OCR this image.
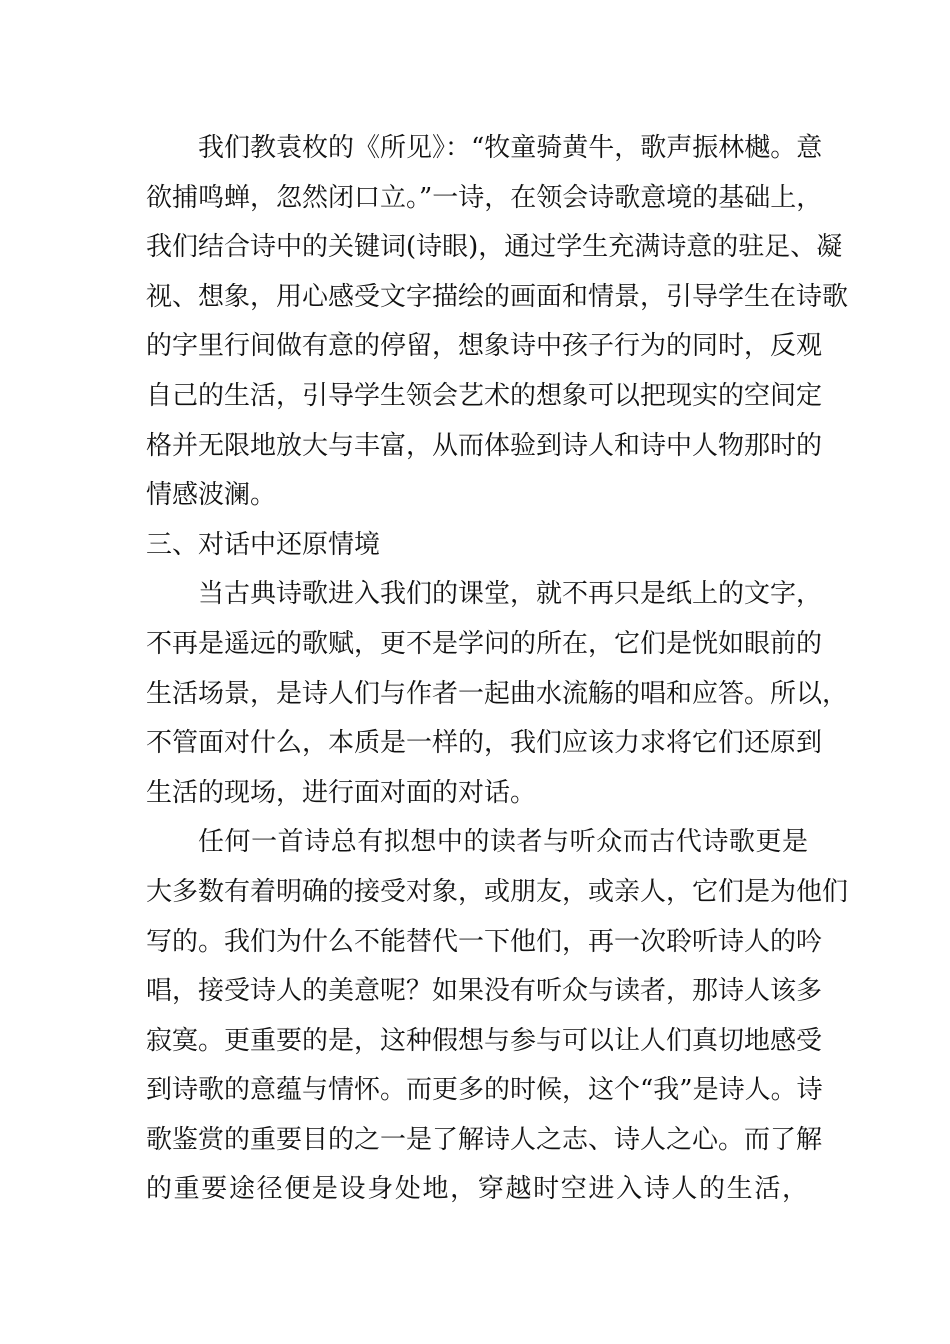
我们教袁枚的《所见》：“牧童骑黄牛，歌声振林樾。意
欲捕鸣蝉，忽然闭口立。”一诗，在领会诗歌意境的基础上，
我们结合诗中的关键词(诗眼)，通过学生充满诗意的驻足、凝
视、想象，用心感受文字描绘的画面和情景，引导学生在诗歌
的字里行间做有意的停留，想象诗中孩子行为的同时，反观
自己的生活，引导学生领会艺术的想象可以把现实的空间定
格并无限地放大与丰富，从而体验到诗人和诗中人物那时的
情感波澜。
三、对话中还原情境
当古典诗歌进入我们的课堂，就不再只是纸上的文字，
不再是遥远的歌赋，更不是学问的所在，它们是恍如眼前的
生活场景，是诗人们与作者一起曲水流觞的唱和应答。所以，
不管面对什么，本质是一样的，我们应该力求将它们还原到
生活的现场，进行面对面的对话。
任何一首诗总有拟想中的读者与听众而古代诗歌更是
大多数有着明确的接受对象，或朋友，或亲人，它们是为他们
写的。我们为什么不能替代一下他们，再一次聆听诗人的吟
唱，接受诗人的美意呢？如果没有听众与读者，那诗人该多
寂寞。更重要的是，这种假想与参与可以让人们真切地感受
到诗歌的意蕴与情怀。而更多的时候，这个“我”是诗人。诗
歌鉴赏的重要目的之一是了解诗人之志、诗人之心。而了解
的重要途径便是设身处地，穿越时空进入诗人的生活，
